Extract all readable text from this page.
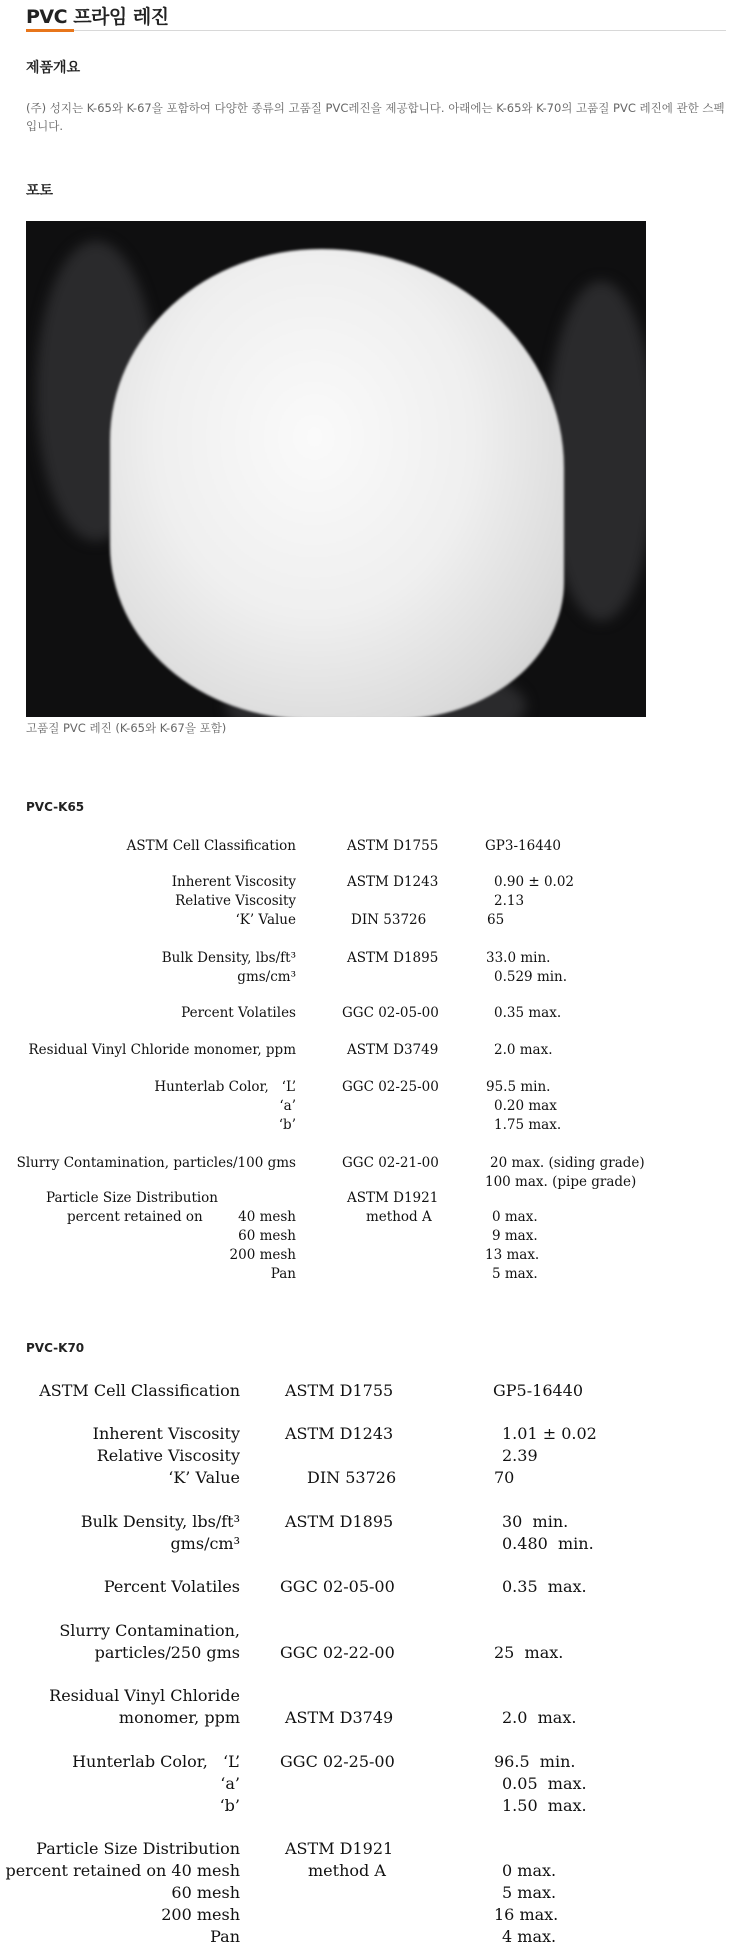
PVC 프라임 레진
제품개요

(주) 성지는 K-65와 K-67을 포함하여 다양한 종류의 고품질 PVC레진을 제공합니다. 아래에는 K-65와 K-70의 고품질 PVC 레진에 관한 스펙입니다.

포토
고품질 PVC 레진 (K-65와 K-67을 포함)
PVC-K65
ASTM Cell Classification
Inherent Viscosity
Relative Viscosity
‘K’ Value
Bulk Density, lbs/ft³
gms/cm³
Percent Volatiles
Residual Vinyl Chloride monomer, ppm
Hunterlab Color,   ‘L’
‘a’
‘b’
Slurry Contamination, particles/100 gms
Particle Size Distribution
percent retained on	40 mesh
60 mesh
200 mesh
Pan
ASTM D1755
ASTM D1243
DIN 53726
ASTM D1895
GGC 02-05-00
ASTM D3749
GGC 02-25-00
GGC 02-21-00
ASTM D1921
method A
GP3-16440
0.90 ± 0.02
2.13
65
33.0 min.
0.529 min.
0.35 max.
2.0 max.
95.5 min.
0.20 max
1.75 max.
20 max. (siding grade)
100 max. (pipe grade)
0 max.
9 max.
13 max.
5 max.
PVC-K70
ASTM Cell Classification
Inherent Viscosity
Relative Viscosity
‘K’ Value
Bulk Density, lbs/ft³
gms/cm³
Percent Volatiles
Slurry Contamination,
particles/250 gms
Residual Vinyl Chloride
monomer, ppm
Hunterlab Color,   ‘L’
‘a’
‘b’
Particle Size Distribution
percent retained on 40 mesh
60 mesh
200 mesh
Pan
ASTM D1755
ASTM D1243
DIN 53726
ASTM D1895
GGC 02-05-00
GGC 02-22-00
ASTM D3749
GGC 02-25-00
ASTM D1921
method A
GP5-16440
1.01 ± 0.02
2.39
70
30  min.
0.480  min.
0.35  max.
25  max.
2.0  max.
96.5  min.
0.05  max.
1.50  max.
0 max.
5 max.
16 max.
4 max.
